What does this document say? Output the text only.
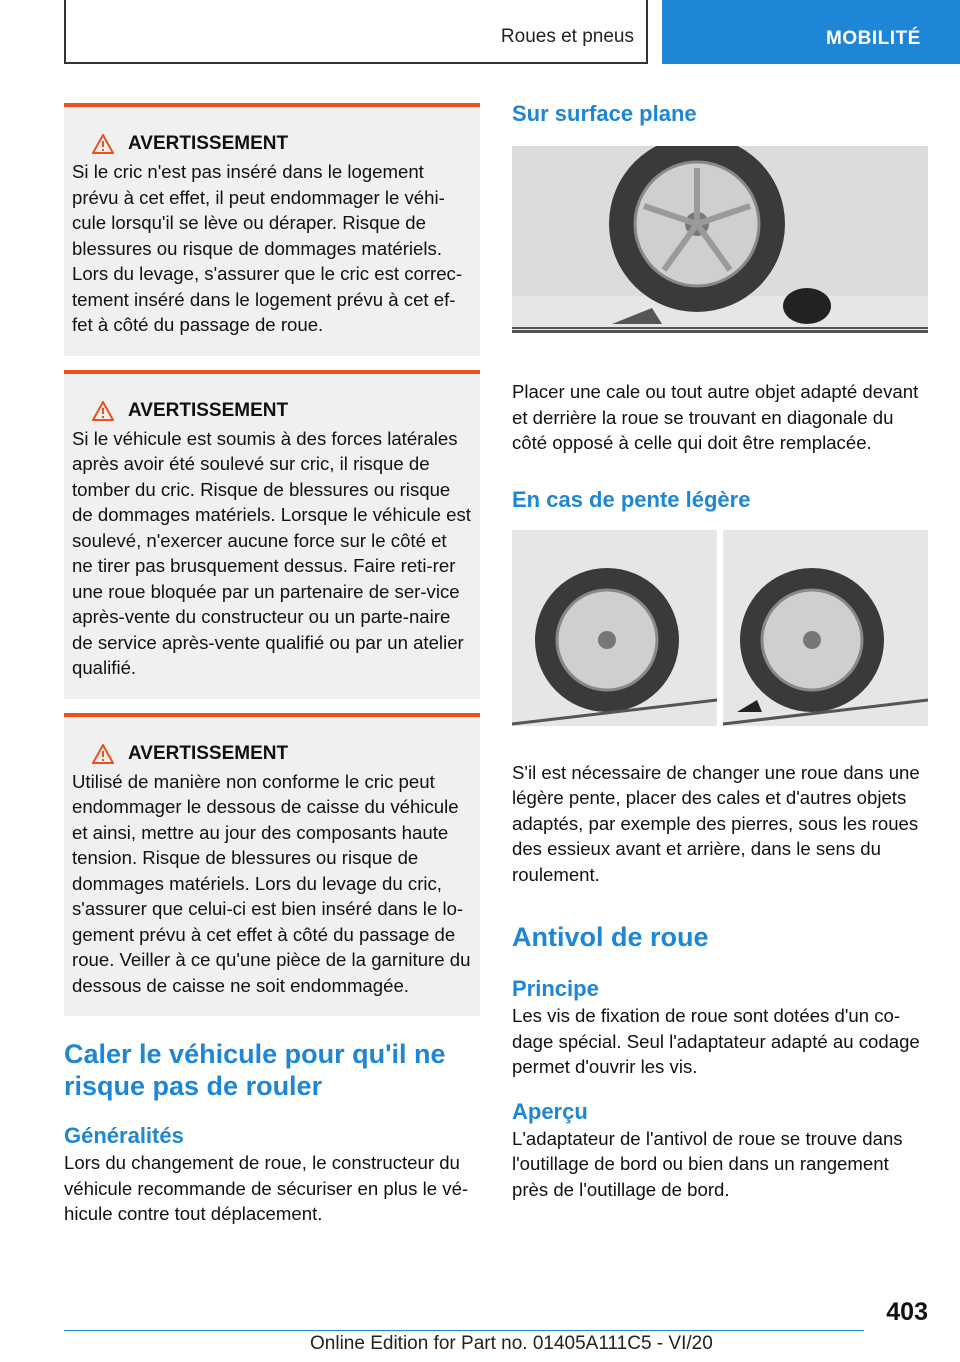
Roues et pneus	MOBILITÉ
AVERTISSEMENT
Si le cric n'est pas inséré dans le logement prévu à cet effet, il peut endommager le véhi-cule lorsqu'il se lève ou déraper. Risque de blessures ou risque de dommages matériels. Lors du levage, s'assurer que le cric est correc-tement inséré dans le logement prévu à cet ef-fet à côté du passage de roue.
AVERTISSEMENT
Si le véhicule est soumis à des forces latérales après avoir été soulevé sur cric, il risque de tomber du cric. Risque de blessures ou risque de dommages matériels. Lorsque le véhicule est soulevé, n'exercer aucune force sur le côté et ne tirer pas brusquement dessus. Faire reti-rer une roue bloquée par un partenaire de ser-vice après-vente du constructeur ou un parte-naire de service après-vente qualifié ou par un atelier qualifié.
AVERTISSEMENT
Utilisé de manière non conforme le cric peut endommager le dessous de caisse du véhicule et ainsi, mettre au jour des composants haute tension. Risque de blessures ou risque de dommages matériels. Lors du levage du cric, s'assurer que celui-ci est bien inséré dans le lo-gement prévu à cet effet à côté du passage de roue. Veiller à ce qu'une pièce de la garniture du dessous de caisse ne soit endommagée.
Caler le véhicule pour qu'il ne risque pas de rouler
Généralités

Lors du changement de roue, le constructeur du véhicule recommande de sécuriser en plus le vé-hicule contre tout déplacement.

Sur surface plane

Placer une cale ou tout autre objet adapté devant et derrière la roue se trouvant en diagonale du côté opposé à celle qui doit être remplacée.

En cas de pente légère

S'il est nécessaire de changer une roue dans une légère pente, placer des cales et d'autres objets adaptés, par exemple des pierres, sous les roues des essieux avant et arrière, dans le sens du roulement.

Antivol de roue
Principe

Les vis de fixation de roue sont dotées d'un co-dage spécial. Seul l'adaptateur adapté au codage permet d'ouvrir les vis.

Aperçu

L'adaptateur de l'antivol de roue se trouve dans l'outillage de bord ou bien dans un rangement près de l'outillage de bord.

403
Online Edition for Part no. 01405A111C5 - VI/20
